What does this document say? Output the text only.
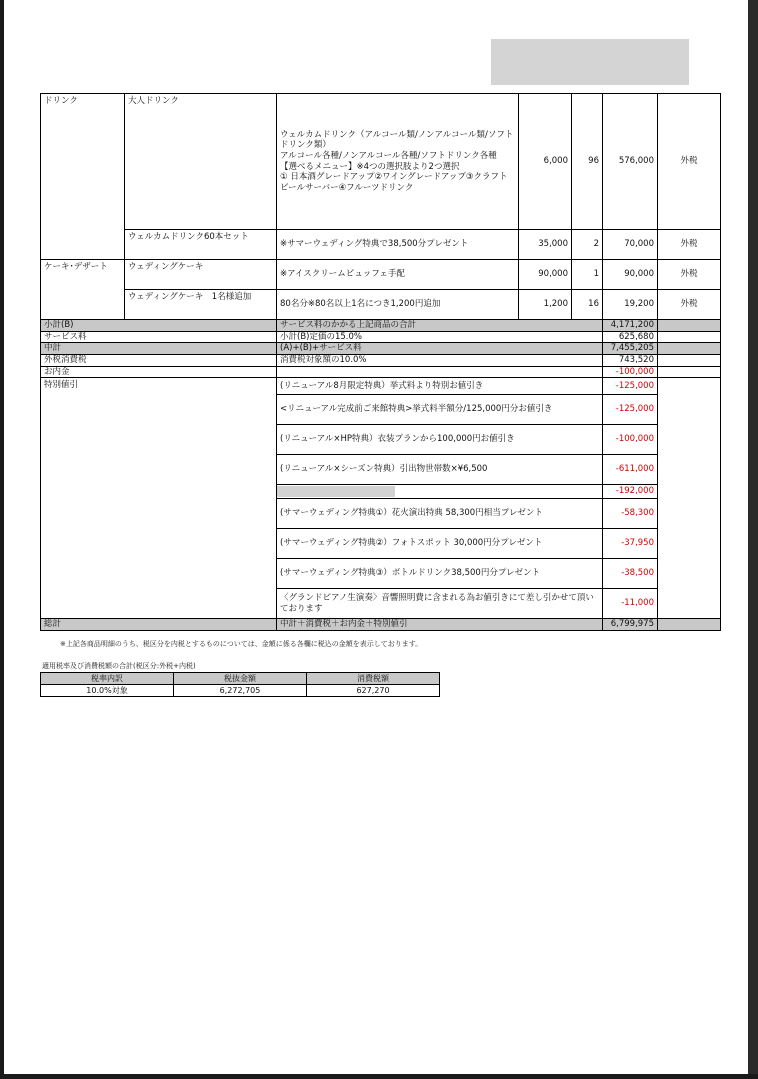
ドリンク	大人ドリンク	ウェルカムドリンク（アルコール類/ノンアルコール類/ソフトドリンク類）
アルコール各種/ノンアルコール各種/ソフトドリンク各種
【選べるメニュー】※4つの選択肢より2つ選択
① 日本酒グレードアップ②ワイングレードアップ③クラフトビールサーバー④フルーツドリンク	6,000	96	576,000	外税
	ウェルカムドリンク60本セット	※サマーウェディング特典で38,500分プレゼント	35,000	2	70,000	外税
ケーキ･デザート	ウェディングケーキ	※アイスクリームビュッフェ手配	90,000	1	90,000	外税
	ウェディングケーキ　1名様追加	80名分※80名以上1名につき1,200円追加	1,200	16	19,200	外税
小計(B)		サービス料のかかる上記商品の合計			4,171,200	
サービス料		小計(B)定価の15.0%			625,680	
中計		(A)+(B)+サービス料			7,455,205	
外税消費税		消費税対象額の10.0%			743,520	
お内金					-100,000	
特別値引		(リニューアル8月限定特典）挙式料より特別お値引き			-125,000	
		<リニューアル完成前ご来館特典>挙式料半額分/125,000円分お値引き			-125,000	
		(リニューアル×HP特典）衣装プランから100,000円お値引き			-100,000	
		(リニューアル×シーズン特典）引出物世帯数×¥6,500			-611,000	
					-192,000	
		(サマーウェディング特典①）花火演出特典 58,300円相当プレゼント			-58,300	
		(サマーウェディング特典②）フォトスポット 30,000円分プレゼント			-37,950	
		(サマーウェディング特典③）ボトルドリンク38,500円分プレゼント			-38,500	
		〈グランドピアノ生演奏〉音響照明費に含まれる為お値引きにて差し引かせて頂いております			-11,000	
総計		中計＋消費税＋お内金＋特別値引			6,799,975	
※上記各商品明細のうち、税区分を内税とするものについては、金額に係る各欄に税込の金額を表示しております。
適用税率及び消費税額の合計(税区分:外税+内税)
税率内訳	税抜金額	消費税額
10.0%対象	6,272,705	627,270
